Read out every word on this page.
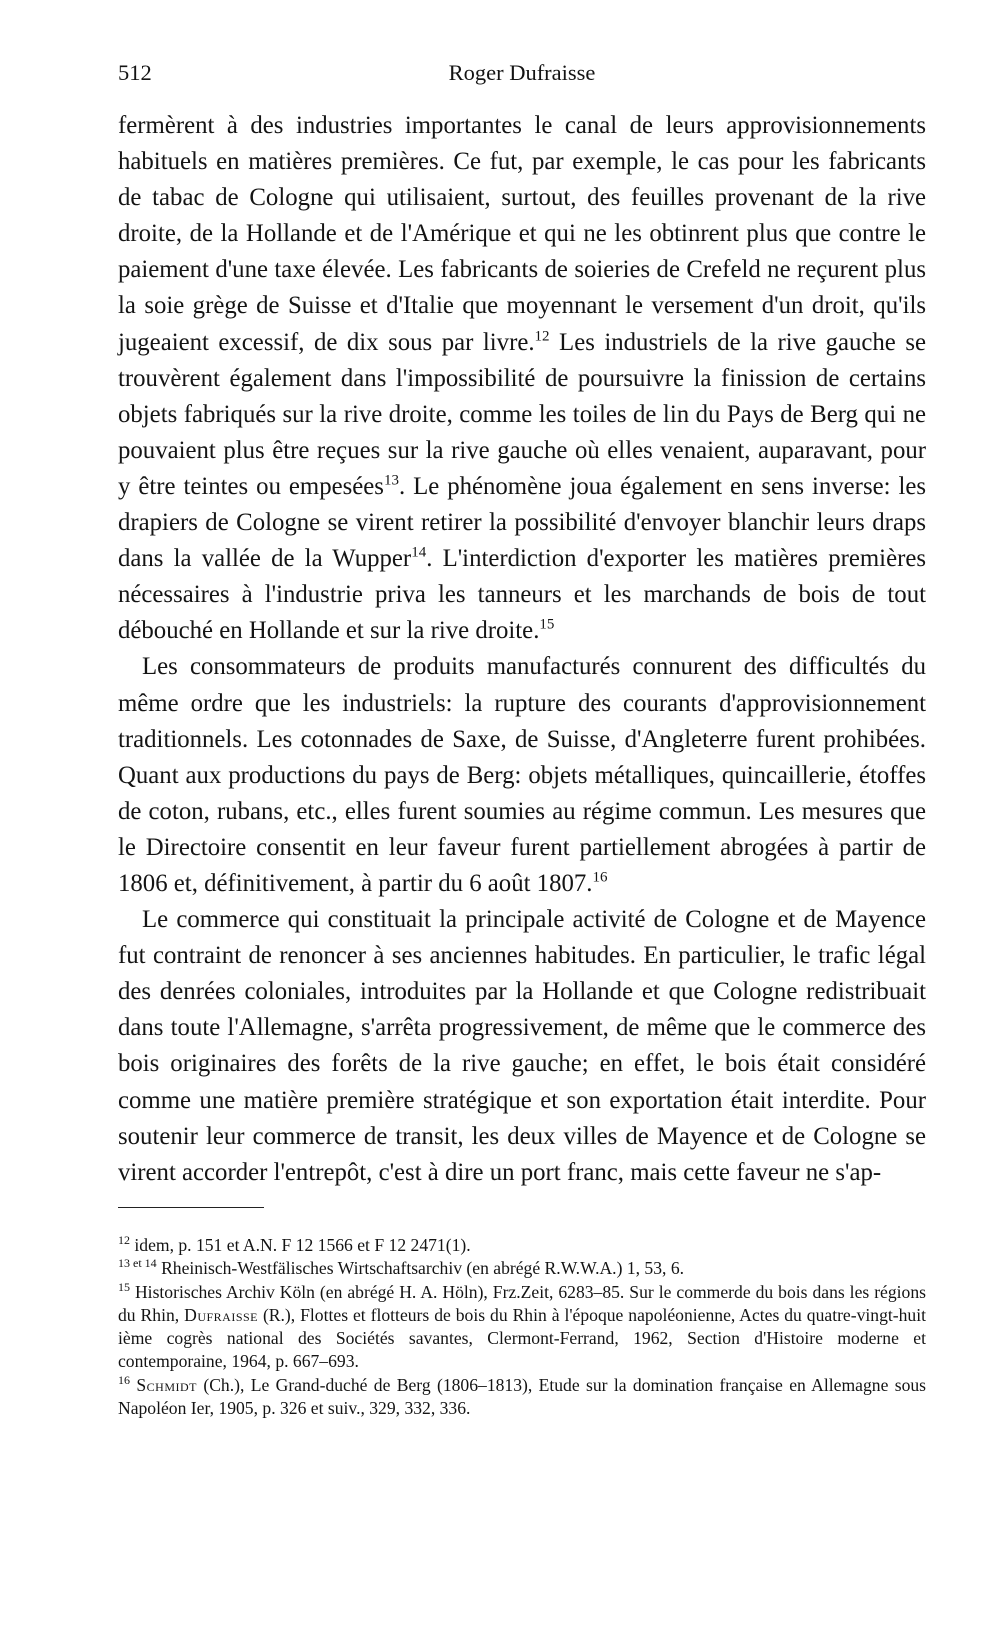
512	Roger Dufraisse

fermèrent à des industries importantes le canal de leurs approvisionnements habituels en matières premières. Ce fut, par exemple, le cas pour les fabricants de tabac de Cologne qui utilisaient, surtout, des feuilles provenant de la rive droite, de la Hollande et de l'Amérique et qui ne les obtinrent plus que contre le paiement d'une taxe élevée. Les fabricants de soieries de Crefeld ne reçurent plus la soie grège de Suisse et d'Italie que moyennant le versement d'un droit, qu'ils jugeaient excessif, de dix sous par livre.$^{12}$ Les industriels de la rive gauche se trouvèrent également dans l'impossibilité de poursuivre la finission de certains objets fabriqués sur la rive droite, comme les toiles de lin du Pays de Berg qui ne pouvaient plus être reçues sur la rive gauche où elles venaient, auparavant, pour y être teintes ou empesées$^{13}$. Le phénomène joua également en sens inverse: les drapiers de Cologne se virent retirer la possibilité d'envoyer blanchir leurs draps dans la vallée de la Wupper$^{14}$. L'interdiction d'exporter les matières premières nécessaires à l'industrie priva les tanneurs et les marchands de bois de tout débouché en Hollande et sur la rive droite.$^{15}$

Les consommateurs de produits manufacturés connurent des difficultés du même ordre que les industriels: la rupture des courants d'approvisionnement traditionnels. Les cotonnades de Saxe, de Suisse, d'Angleterre furent prohibées. Quant aux productions du pays de Berg: objets métalliques, quincaillerie, étoffes de coton, rubans, etc., elles furent soumies au régime commun. Les mesures que le Directoire consentit en leur faveur furent partiellement abrogées à partir de 1806 et, définitivement, à partir du 6 août 1807.16

Le commerce qui constituait la principale activité de Cologne et de Mayence fut contraint de renoncer à ses anciennes habitudes. En particulier, le trafic légal des denrées coloniales, introduites par la Hollande et que Cologne redistribuait dans toute l'Allemagne, s'arrêta progressivement, de même que le commerce des bois originaires des forêts de la rive gauche; en effet, le bois était considéré comme une matière première stratégique et son exportation était interdite. Pour soutenir leur commerce de transit, les deux villes de Mayence et de Cologne se virent accorder l'entrepôt, c'est à dire un port franc, mais cette faveur ne s'ap-

$^{12}$ idem, p. 151 et A.N. F 12 1566 et F 12 2471(1).

$^{13 et 14}$ Rheinisch-Westfälisches Wirtschaftsarchiv (en abrégé R.W.W.A.) 1, 53, 6.

$^{15}$ Historisches Archiv Köln (en abrégé H. A. Höln), Frz.Zeit, 6283–85. Sur le commerde du bois dans les régions du Rhin, Dufraisse (R.), Flottes et flotteurs de bois du Rhin à l'époque napoléonienne, Actes du quatre-vingt-huit ième cogrès national des Sociétés savantes, Clermont-Ferrand, 1962, Section d'Histoire moderne et contemporaine, 1964, p. 667–693.

$^{16}$ Schmidt (Ch.), Le Grand-duché de Berg (1806–1813), Etude sur la domination française en Allemagne sous Napoléon Ier, 1905, p. 326 et suiv., 329, 332, 336.
